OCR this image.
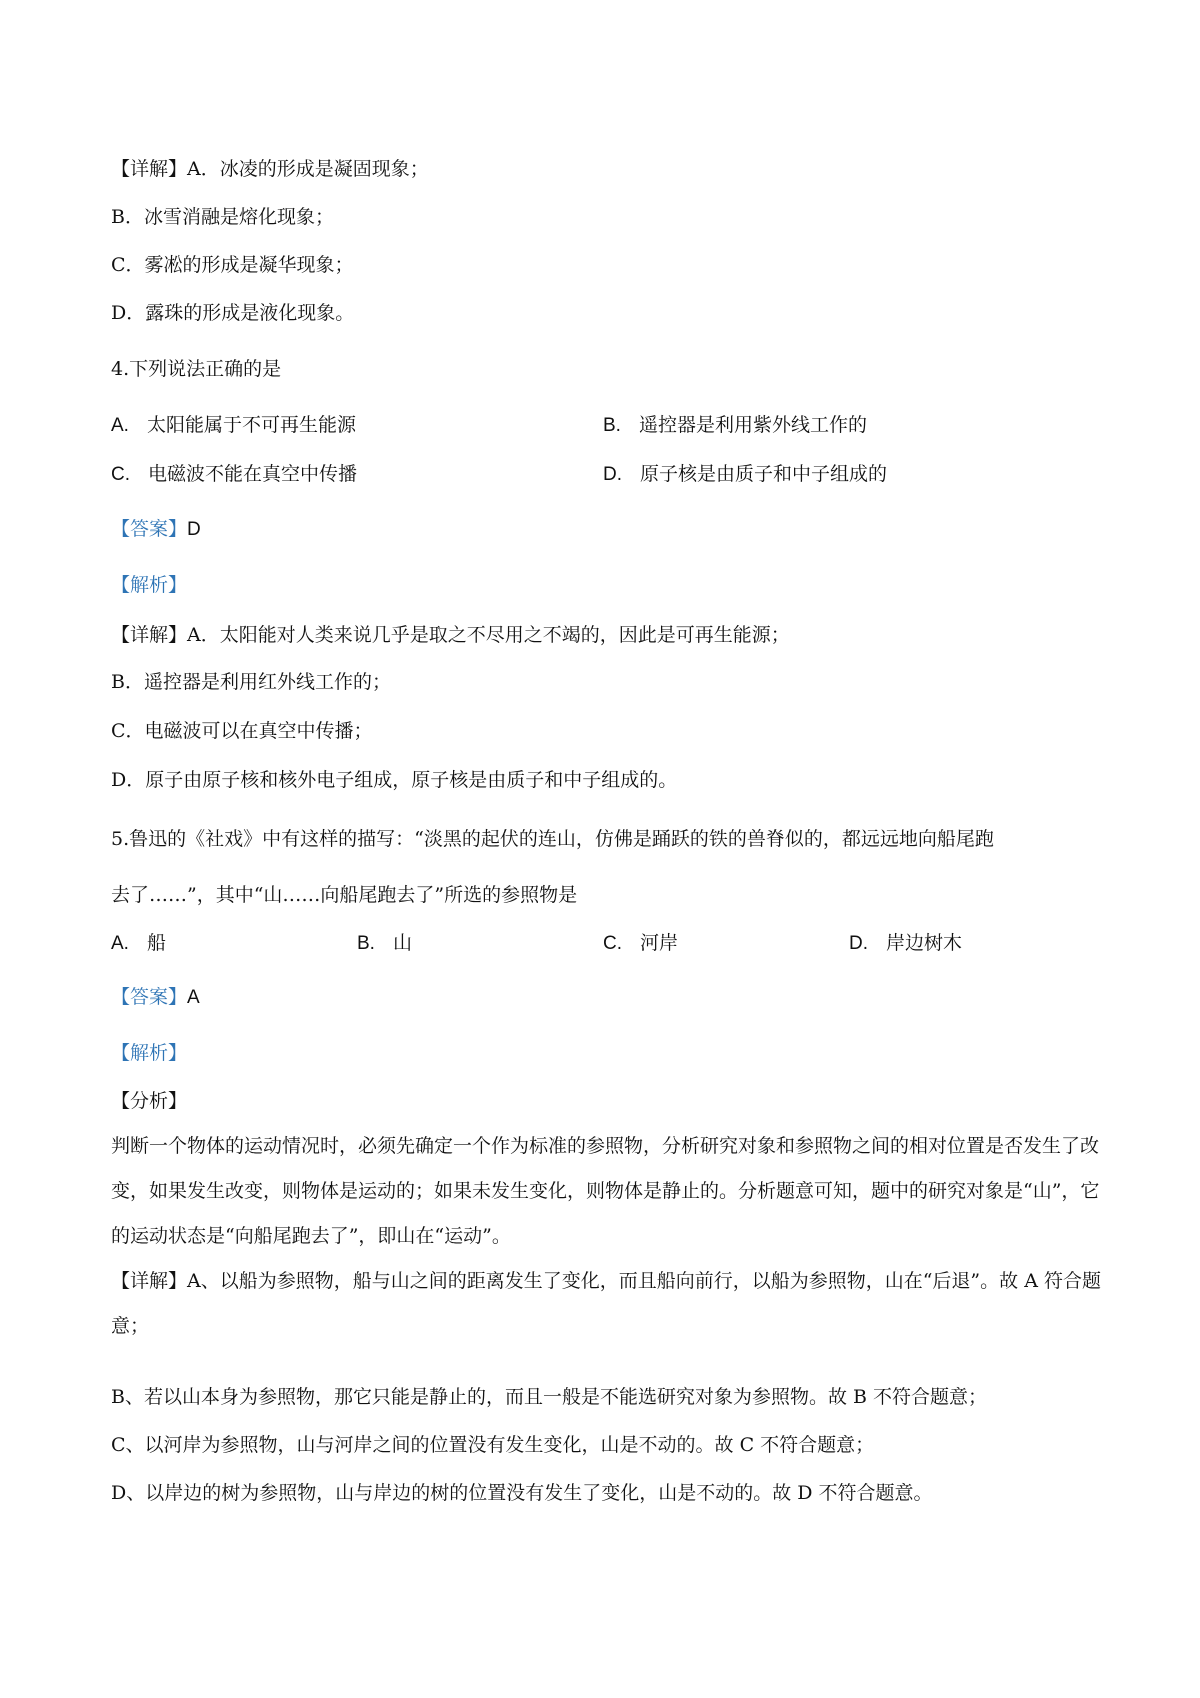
【详解】A．冰凌的形成是凝固现象；
B．冰雪消融是熔化现象；
C．雾凇的形成是凝华现象；
D．露珠的形成是液化现象。
4.下列说法正确的是
A. 太阳能属于不可再生能源	B. 遥控器是利用紫外线工作的
C. 电磁波不能在真空中传播	D. 原子核是由质子和中子组成的
【答案】D
【解析】
【详解】A．太阳能对人类来说几乎是取之不尽用之不竭的，因此是可再生能源；
B．遥控器是利用红外线工作的；
C．电磁波可以在真空中传播；
D．原子由原子核和核外电子组成，原子核是由质子和中子组成的。
5.鲁迅的《社戏》中有这样的描写：“淡黑的起伏的连山，仿佛是踊跃的铁的兽脊似的，都远远地向船尾跑
去了……”，其中“山……向船尾跑去了”所选的参照物是
A. 船	B. 山	C. 河岸	D. 岸边树木
【答案】A
【解析】
【分析】
判断一个物体的运动情况时，必须先确定一个作为标准的参照物，分析研究对象和参照物之间的相对位置是否发生了改变，如果发生改变，则物体是运动的；如果未发生变化，则物体是静止的。分析题意可知，题中的研究对象是“山”，它的运动状态是“向船尾跑去了”，即山在“运动”。
【详解】A、以船为参照物，船与山之间的距离发生了变化，而且船向前行，以船为参照物，山在“后退”。故 A 符合题意；
B、若以山本身为参照物，那它只能是静止的，而且一般是不能选研究对象为参照物。故 B 不符合题意；
C、以河岸为参照物，山与河岸之间的位置没有发生变化，山是不动的。故 C 不符合题意；
D、以岸边的树为参照物，山与岸边的树的位置没有发生了变化，山是不动的。故 D 不符合题意。
